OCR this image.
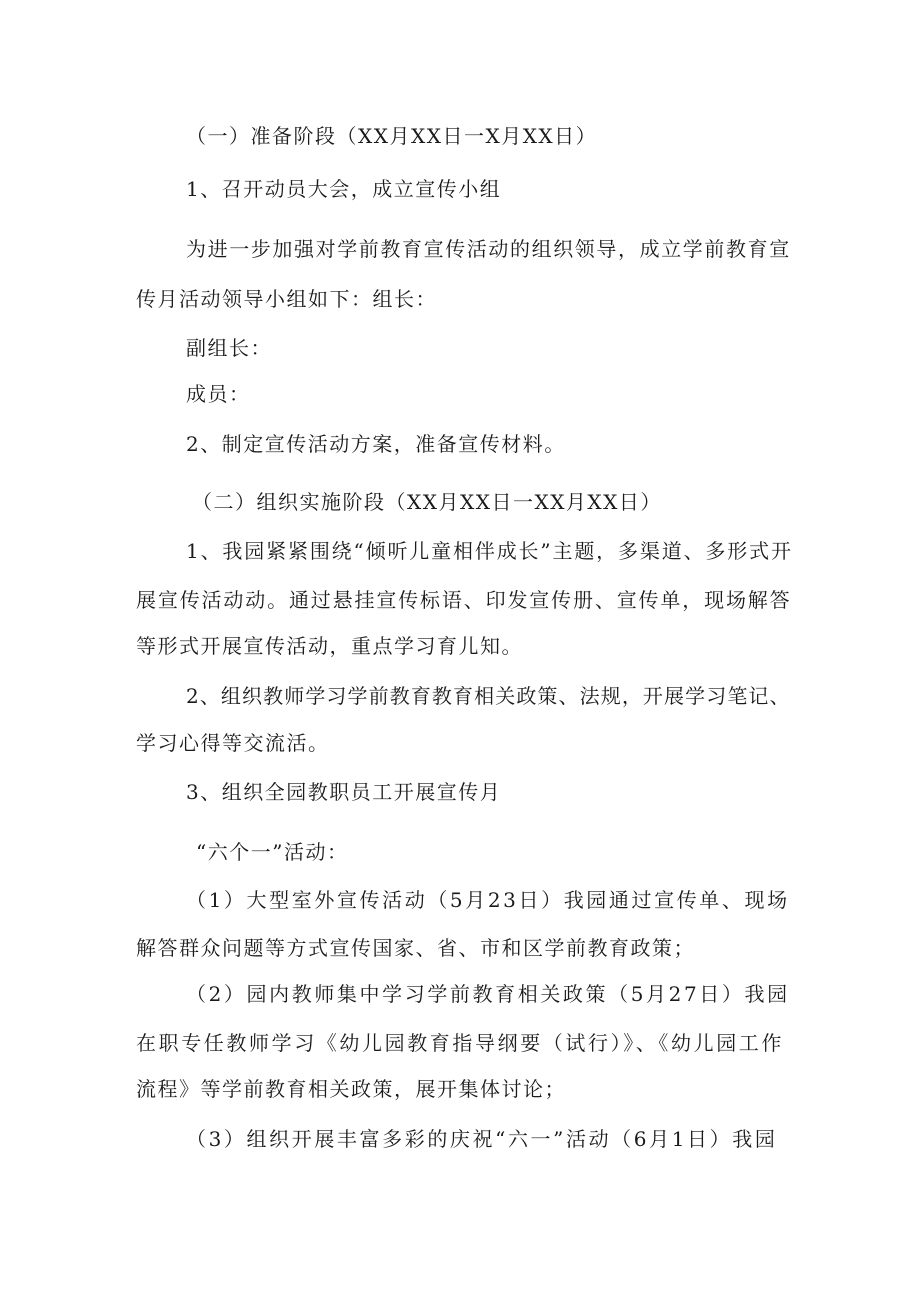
（一）准备阶段（XX月XX日一X月XX日）
1、召开动员大会，成立宣传小组
为进一步加强对学前教育宣传活动的组织领导，成立学前教育宣
传月活动领导小组如下：组长：
副组长：
成员：
2、制定宣传活动方案，准备宣传材料。
（二）组织实施阶段（XX月XX日一XX月XX日）
1、我园紧紧围绕“倾听儿童相伴成长”主题，多渠道、多形式开
展宣传活动动。通过悬挂宣传标语、印发宣传册、宣传单，现场解答
等形式开展宣传活动，重点学习育儿知。
2、组织教师学习学前教育教育相关政策、法规，开展学习笔记、
学习心得等交流活。
3、组织全园教职员工开展宣传月
“六个一”活动：
（1）大型室外宣传活动（5月23日）我园通过宣传单、现场
解答群众问题等方式宣传国家、省、市和区学前教育政策；
（2）园内教师集中学习学前教育相关政策（5月27日）我园
在职专任教师学习《幼儿园教育指导纲要（试行）》、《幼儿园工作
流程》等学前教育相关政策，展开集体讨论；
（3）组织开展丰富多彩的庆祝“六一”活动（6月1日）我园
